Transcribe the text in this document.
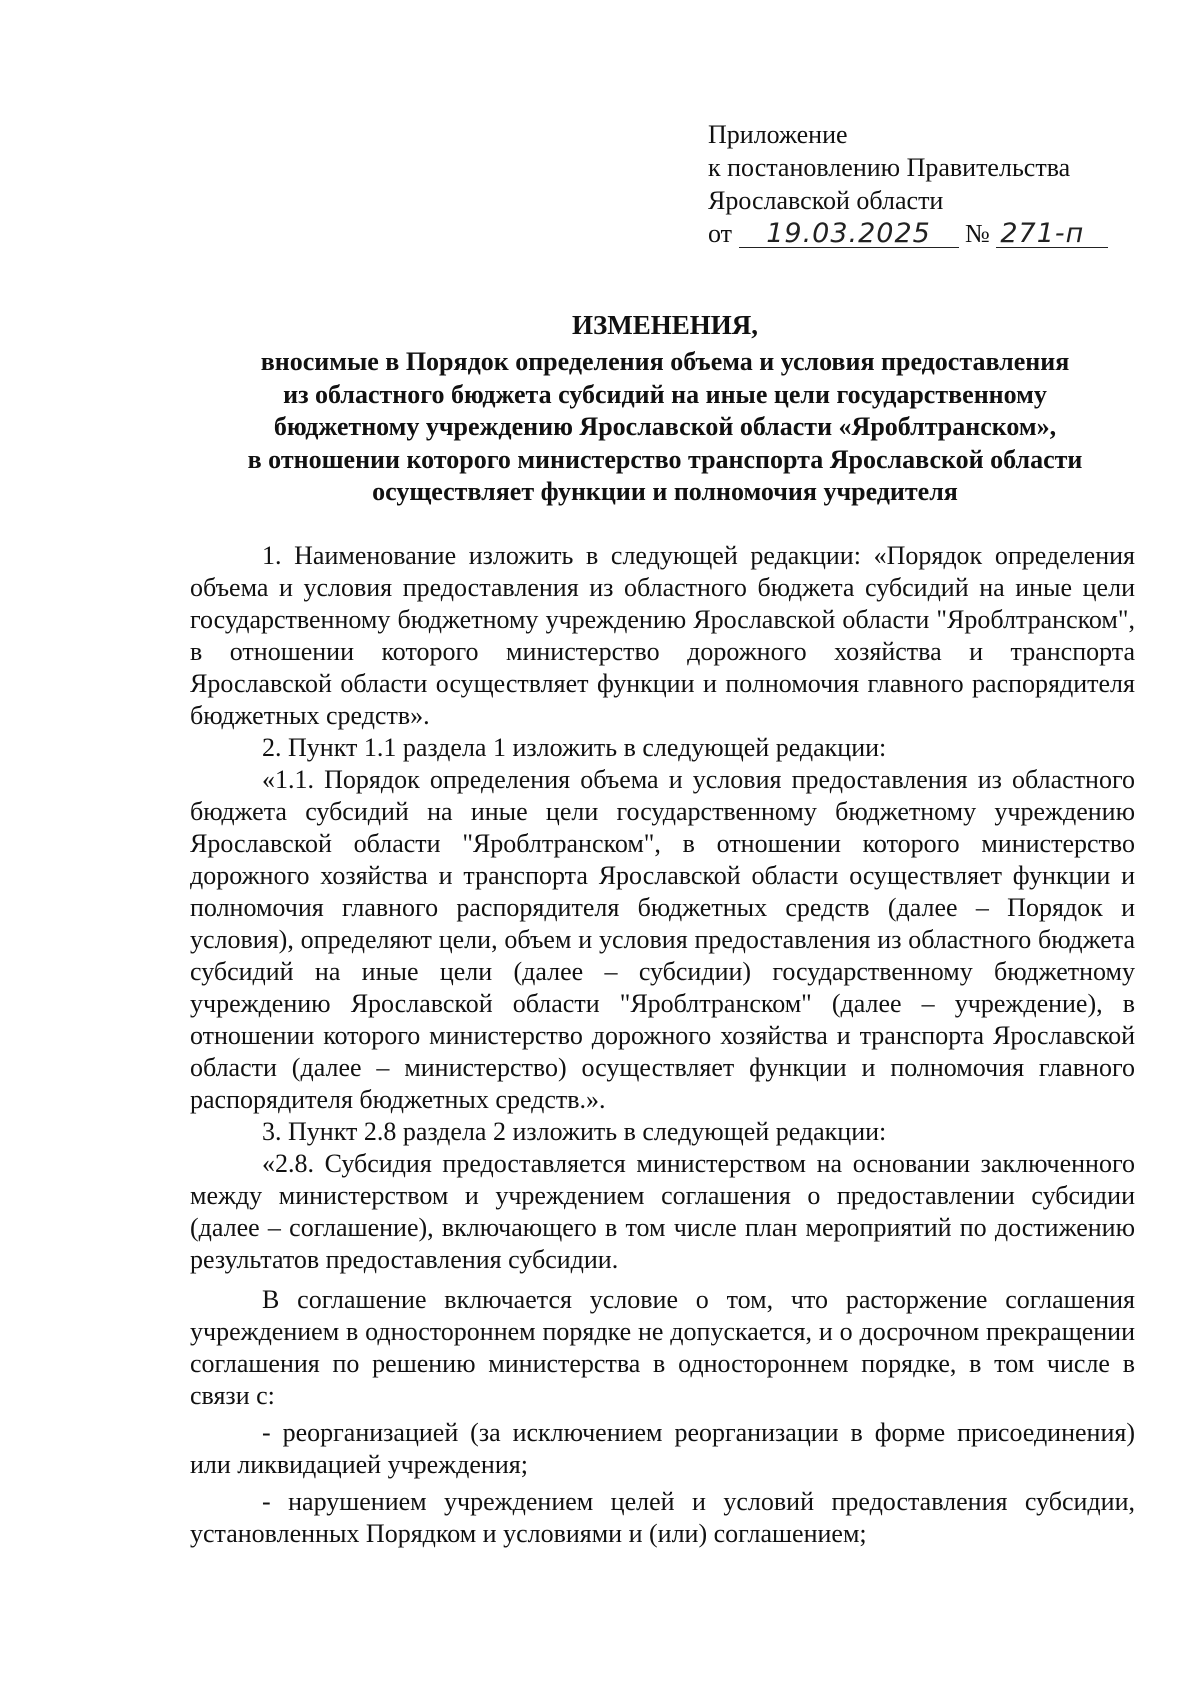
Приложение
к постановлению Правительства
Ярославской области
от 19.03.2025 № 271-п
ИЗМЕНЕНИЯ,
вносимые в Порядок определения объема и условия предоставления
из областного бюджета субсидий на иные цели государственному
бюджетному учреждению Ярославской области «Яроблтранском»,
в отношении которого министерство транспорта Ярославской области
осуществляет функции и полномочия учредителя

1. Наименование изложить в следующей редакции: «Порядок определения объема и условия предоставления из областного бюджета субсидий на иные цели государственному бюджетному учреждению Ярославской области "Яроблтранском", в отношении которого министерство дорожного хозяйства и транспорта Ярославской области осуществляет функции и полномочия главного распорядителя бюджетных средств».

2. Пункт 1.1 раздела 1 изложить в следующей редакции:

«1.1. Порядок определения объема и условия предоставления из областного бюджета субсидий на иные цели государственному бюджетному учреждению Ярославской области "Яроблтранском", в отношении которого министерство дорожного хозяйства и транспорта Ярославской области осуществляет функции и полномочия главного распорядителя бюджетных средств (далее – Порядок и условия), определяют цели, объем и условия предоставления из областного бюджета субсидий на иные цели (далее – субсидии) государственному бюджетному учреждению Ярославской области "Яроблтранском" (далее – учреждение), в отношении которого министерство дорожного хозяйства и транспорта Ярославской области (далее – министерство) осуществляет функции и полномочия главного распорядителя бюджетных средств.».

3. Пункт 2.8 раздела 2 изложить в следующей редакции:

«2.8. Субсидия предоставляется министерством на основании заключенного между министерством и учреждением соглашения о предоставлении субсидии (далее – соглашение), включающего в том числе план мероприятий по достижению результатов предоставления субсидии.

В соглашение включается условие о том, что расторжение соглашения учреждением в одностороннем порядке не допускается, и о досрочном прекращении соглашения по решению министерства в одностороннем порядке, в том числе в связи с:

- реорганизацией (за исключением реорганизации в форме присоединения) или ликвидацией учреждения;

- нарушением учреждением целей и условий предоставления субсидии, установленных Порядком и условиями и (или) соглашением;
